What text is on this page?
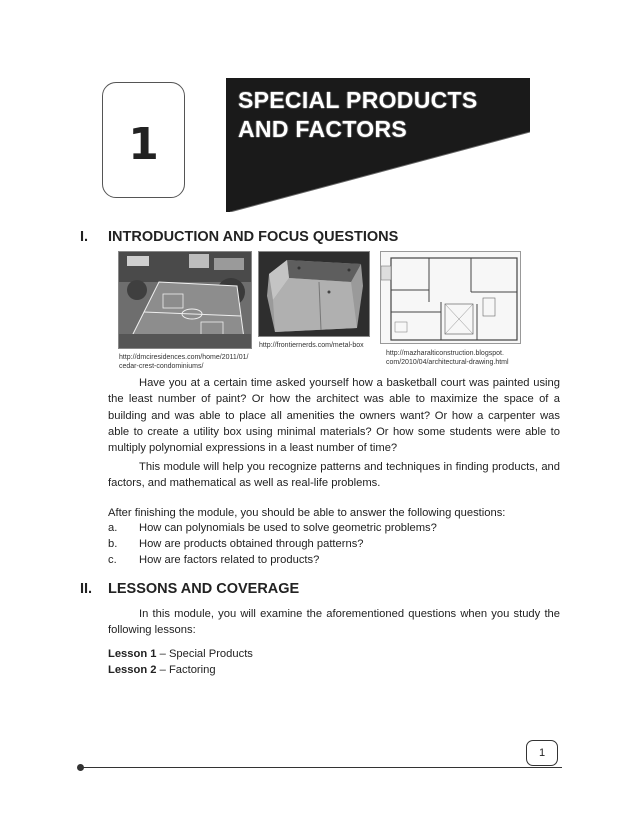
1
SPECIAL PRODUCTS
AND FACTORS
I. INTRODUCTION AND FOCUS QUESTIONS
http://dmciresidences.com/home/2011/01/
cedar-crest-condominiums/
http://frontiernerds.com/metal-box
http://mazharalticonstruction.blogspot.
com/2010/04/architectural-drawing.html

Have you at a certain time asked yourself how a basketball court was painted using the least number of paint? Or how the architect was able to maximize the space of a building and was able to place all amenities the owners want? Or how a carpenter was able to create a utility box using minimal materials? Or how some students were able to multiply polynomial expressions in a least number of time?

This module will help you recognize patterns and techniques in finding products, and factors, and mathematical as well as real-life problems.

After finishing the module, you should be able to answer the following questions:

a. How can polynomials be used to solve geometric problems?
b. How are products obtained through patterns?
c. How are factors related to products?
II. LESSONS AND COVERAGE

In this module, you will examine the aforementioned questions when you study the following lessons:

Lesson 1 – Special Products
Lesson 2 – Factoring
1
